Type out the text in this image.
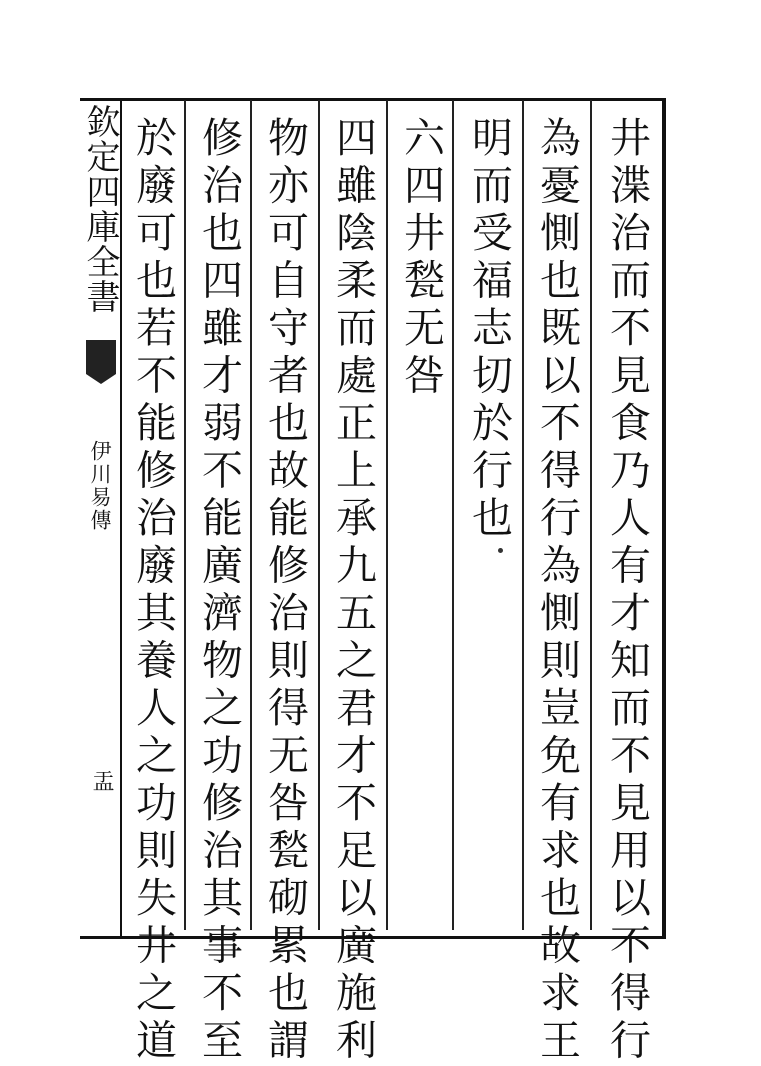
欽定四庫全書
伊川易傳
盂	井渫治而不見食乃人有才知而不見用以不得行
為憂惻也既以不得行為惻則豈免有求也故求王
明而受福志切於行也
六四井甃无咎
四雖陰柔而處正上承九五之君才不足以廣施利
物亦可自守者也故能修治則得无咎甃砌累也謂
修治也四雖才弱不能廣濟物之功修治其事不至
於廢可也若不能修治廢其養人之功則失井之道
